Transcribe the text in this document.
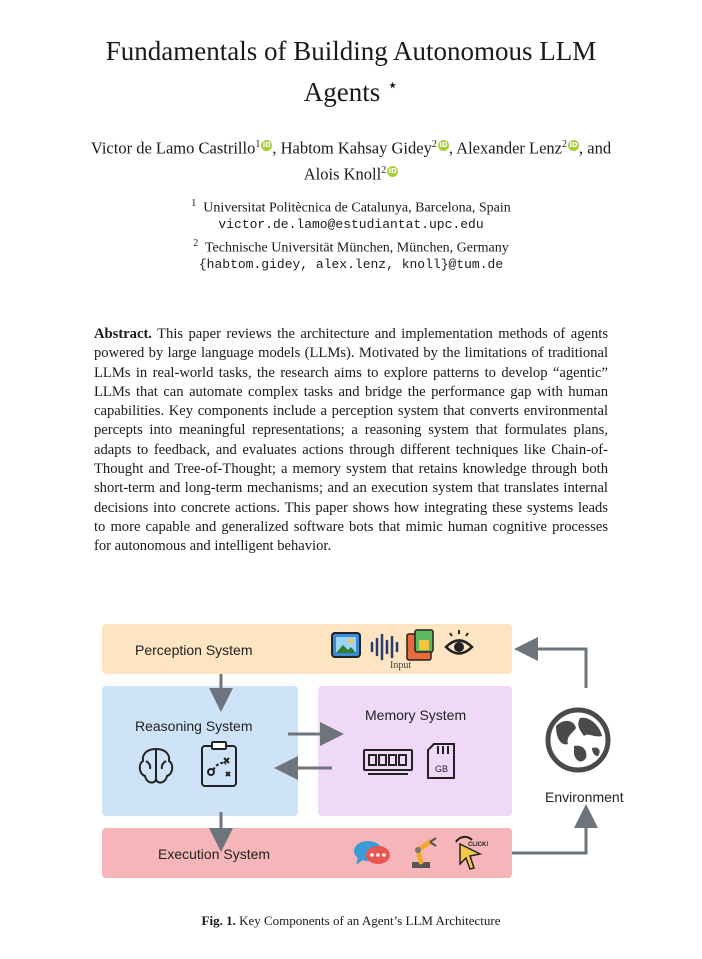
Fundamentals of Building Autonomous LLM
Agents ⋆
Victor de Lamo Castrillo$^1$ iD, Habtom Kahsay Gidey$^2$ iD, Alexander Lenz$^2$ iD, and
Alois Knoll$^2$ iD
$^1$ Universitat Politècnica de Catalunya, Barcelona, Spain
victor.de.lamo@estudiantat.upc.edu
$^2$ Technische Universität München, München, Germany
{habtom.gidey, alex.lenz, knoll}@tum.de
Abstract. This paper reviews the architecture and implementation methods of agents powered by large language models (LLMs). Motivated by the limitations of traditional LLMs in real-world tasks, the research aims to explore patterns to develop “agentic” LLMs that can automate complex tasks and bridge the performance gap with human capabilities. Key components include a perception system that converts environmental percepts into meaningful representations; a reasoning system that formulates plans, adapts to feedback, and evaluates actions through different techniques like Chain-of-Thought and Tree-of-Thought; a memory system that retains knowledge through both short-term and long-term mechanisms; and an execution system that translates internal decisions into concrete actions. This paper shows how integrating these systems leads to more capable and generalized software bots that mimic human cognitive processes for autonomous and intelligent behavior.
Perception System
Reasoning System
Memory System
Execution System
Environment
Input
GB
CLICK!
Fig. 1. Key Components of an Agent’s LLM Architecture
